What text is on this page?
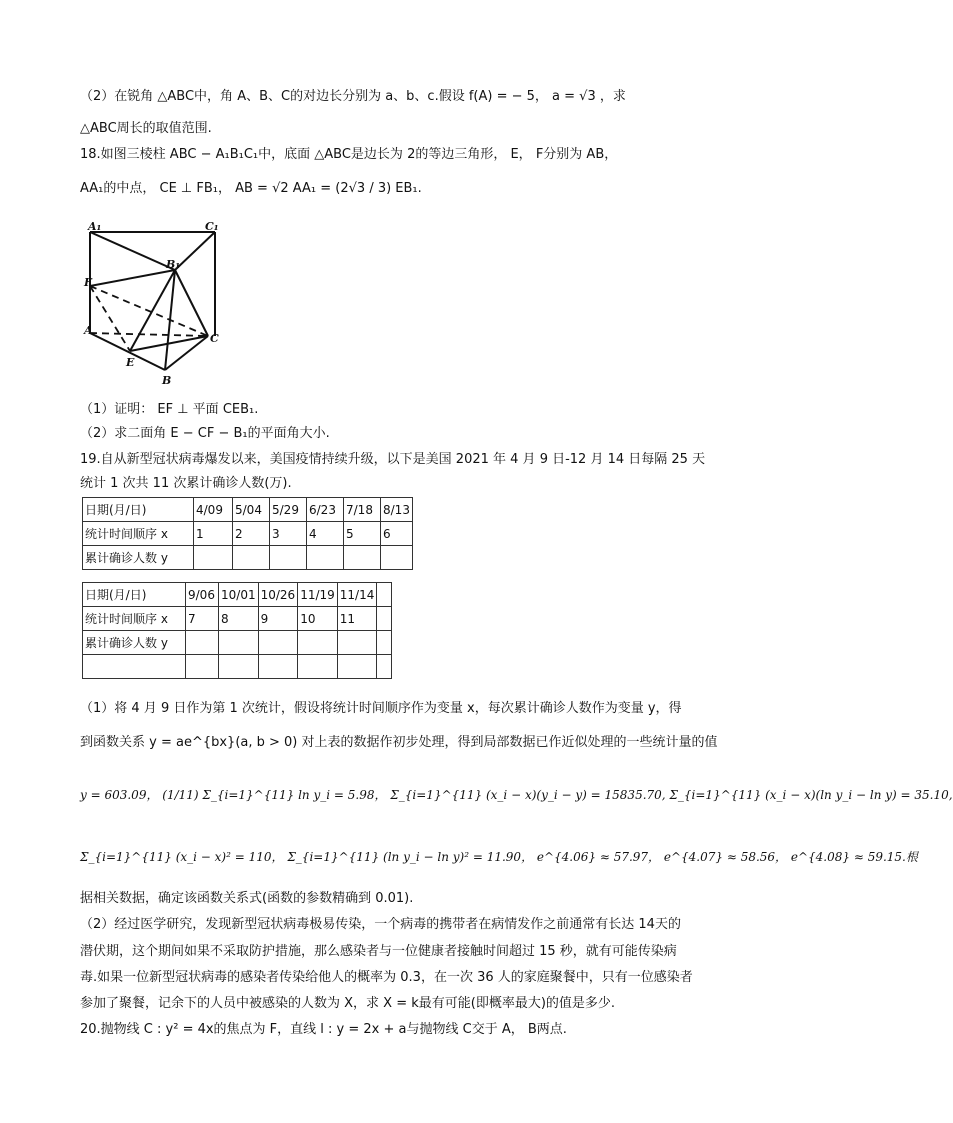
（2）在锐角 △ABC中，角 A、B、C的对边长分别为 a、b、c.假设 f(A) = − 5， a = √3 ，求
△ABC周长的取值范围.
18.如图三棱柱 ABC − A₁B₁C₁中，底面 △ABC是边长为 2的等边三角形， E， F分别为 AB，
AA₁的中点， CE ⊥ FB₁， AB = √2 AA₁ = (2√3 / 3) EB₁.
A₁	C₁
B₁
F
A
C
E
B
（1）证明： EF ⊥ 平面 CEB₁.
（2）求二面角 E − CF − B₁的平面角大小.
19.自从新型冠状病毒爆发以来，美国疫情持续升级，以下是美国 2021 年 4 月 9 日-12 月 14 日每隔 25 天
统计 1 次共 11 次累计确诊人数(万).
日期(月/日)	4/09	5/04	5/29	6/23	7/18	8/13
统计时间顺序 x	1	2	3	4	5	6
累计确诊人数 y						
日期(月/日)	9/06	10/01	10/26	11/19	11/14	
统计时间顺序 x	7	8	9	10	11	
累计确诊人数 y						

（1）将 4 月 9 日作为第 1 次统计，假设将统计时间顺序作为变量 x，每次累计确诊人数作为变量 y，得
到函数关系 y = ae^{bx}(a, b > 0) 对上表的数据作初步处理，得到局部数据已作近似处理的一些统计量的值
y = 603.09， (1/11) Σ_{i=1}^{11} ln y_i = 5.98， Σ_{i=1}^{11} (x_i − x)(y_i − y) = 15835.70, Σ_{i=1}^{11} (x_i − x)(ln y_i − ln y) = 35.10,
Σ_{i=1}^{11} (x_i − x)² = 110， Σ_{i=1}^{11} (ln y_i − ln y)² = 11.90， e^{4.06} ≈ 57.97， e^{4.07} ≈ 58.56， e^{4.08} ≈ 59.15.根
据相关数据，确定该函数关系式(函数的参数精确到 0.01).
（2）经过医学研究，发现新型冠状病毒极易传染，一个病毒的携带者在病情发作之前通常有长达 14天的
潜伏期，这个期间如果不采取防护措施，那么感染者与一位健康者接触时间超过 15 秒，就有可能传染病
毒.如果一位新型冠状病毒的感染者传染给他人的概率为 0.3，在一次 36 人的家庭聚餐中，只有一位感染者
参加了聚餐，记余下的人员中被感染的人数为 X，求 X = k最有可能(即概率最大)的值是多少.
20.抛物线 C : y² = 4x的焦点为 F，直线 l : y = 2x + a与抛物线 C交于 A， B两点.
